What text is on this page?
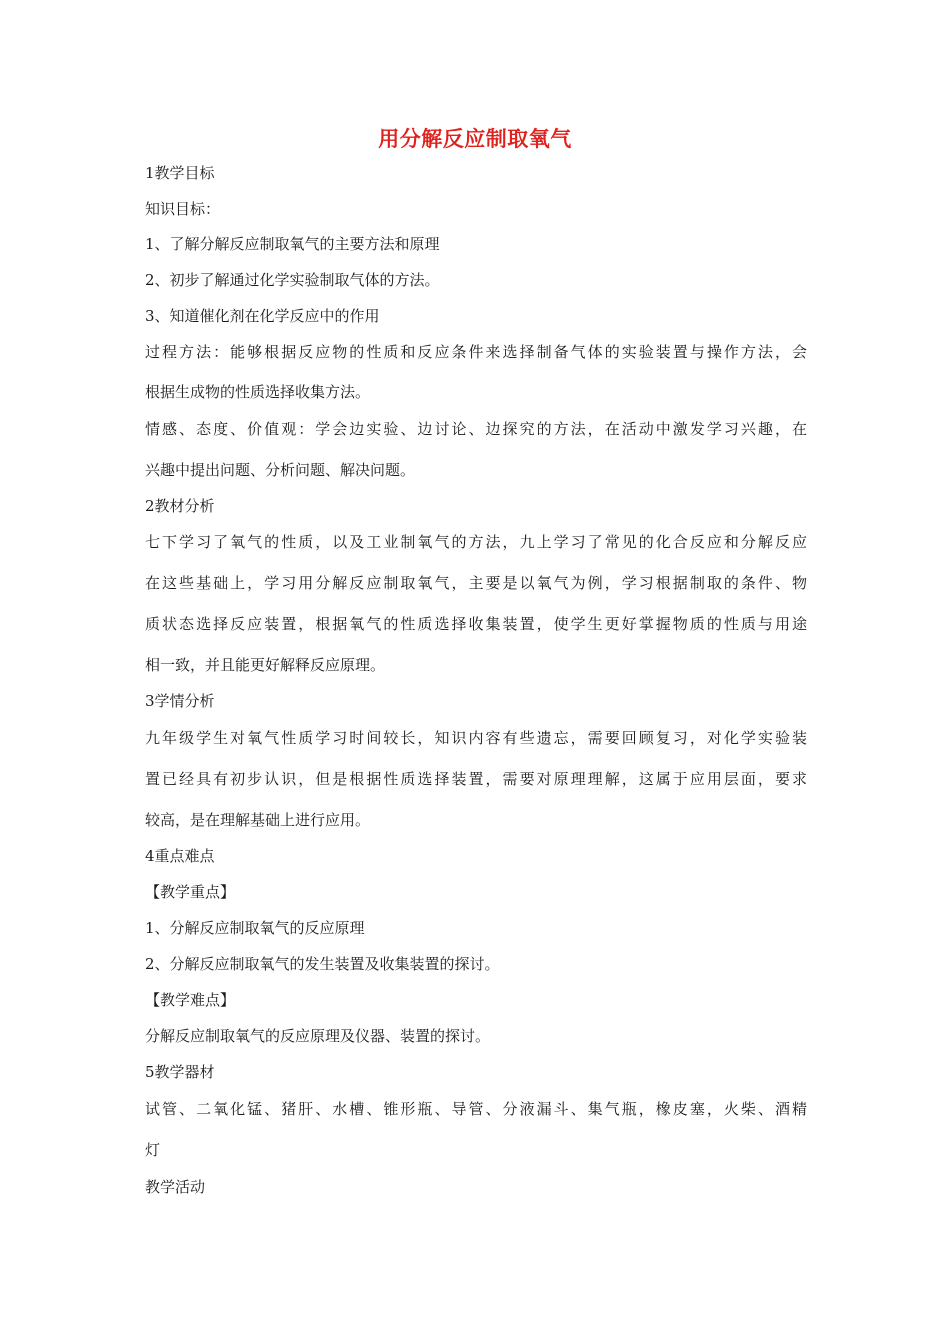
用分解反应制取氧气
1教学目标
知识目标：
1、了解分解反应制取氧气的主要方法和原理
2、初步了解通过化学实验制取气体的方法。
3、知道催化剂在化学反应中的作用
过程方法：能够根据反应物的性质和反应条件来选择制备气体的实验装置与操作方法，会
根据生成物的性质选择收集方法。
情感、态度、价值观：学会边实验、边讨论、边探究的方法，在活动中激发学习兴趣，在
兴趣中提出问题、分析问题、解决问题。
2教材分析
七下学习了氧气的性质，以及工业制氧气的方法，九上学习了常见的化合反应和分解反应
在这些基础上，学习用分解反应制取氧气，主要是以氧气为例，学习根据制取的条件、物
质状态选择反应装置，根据氧气的性质选择收集装置，使学生更好掌握物质的性质与用途
相一致，并且能更好解释反应原理。
3学情分析
九年级学生对氧气性质学习时间较长，知识内容有些遗忘，需要回顾复习，对化学实验装
置已经具有初步认识，但是根据性质选择装置，需要对原理理解，这属于应用层面，要求
较高，是在理解基础上进行应用。
4重点难点
【教学重点】
1、分解反应制取氧气的反应原理
2、分解反应制取氧气的发生装置及收集装置的探讨。
【教学难点】
分解反应制取氧气的反应原理及仪器、装置的探讨。
5教学器材
试管、二氧化锰、猪肝、水槽、锥形瓶、导管、分液漏斗、集气瓶，橡皮塞，火柴、酒精
灯
教学活动
